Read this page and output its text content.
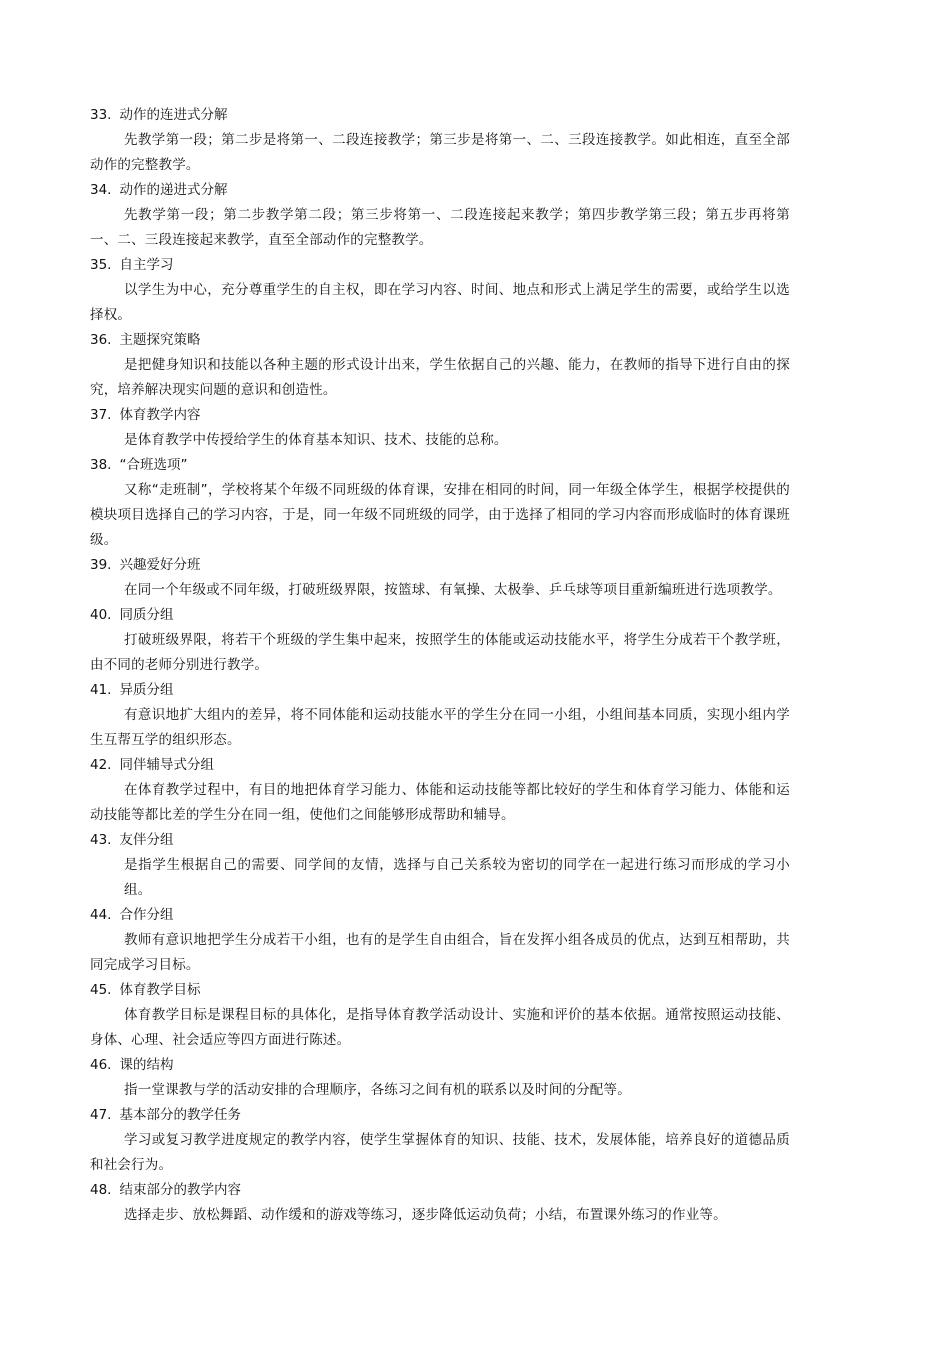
33. 动作的连进式分解
先教学第一段；第二步是将第一、二段连接教学；第三步是将第一、二、三段连接教学。如此相连，直至全部动作的完整教学。
34. 动作的递进式分解
先教学第一段；第二步教学第二段；第三步将第一、二段连接起来教学；第四步教学第三段；第五步再将第一、二、三段连接起来教学，直至全部动作的完整教学。
35. 自主学习
以学生为中心，充分尊重学生的自主权，即在学习内容、时间、地点和形式上满足学生的需要，或给学生以选择权。
36. 主题探究策略
是把健身知识和技能以各种主题的形式设计出来，学生依据自己的兴趣、能力，在教师的指导下进行自由的探究，培养解决现实问题的意识和创造性。
37. 体育教学内容
是体育教学中传授给学生的体育基本知识、技术、技能的总称。
38. “合班选项”
又称“走班制”，学校将某个年级不同班级的体育课，安排在相同的时间，同一年级全体学生，根据学校提供的模块项目选择自己的学习内容，于是，同一年级不同班级的同学，由于选择了相同的学习内容而形成临时的体育课班级。
39. 兴趣爱好分班
在同一个年级或不同年级，打破班级界限，按篮球、有氧操、太极拳、乒乓球等项目重新编班进行选项教学。
40. 同质分组
打破班级界限，将若干个班级的学生集中起来，按照学生的体能或运动技能水平，将学生分成若干个教学班，由不同的老师分别进行教学。
41. 异质分组
有意识地扩大组内的差异，将不同体能和运动技能水平的学生分在同一小组，小组间基本同质，实现小组内学生互帮互学的组织形态。
42. 同伴辅导式分组
在体育教学过程中，有目的地把体育学习能力、体能和运动技能等都比较好的学生和体育学习能力、体能和运动技能等都比差的学生分在同一组，使他们之间能够形成帮助和辅导。
43. 友伴分组
是指学生根据自己的需要、同学间的友情，选择与自己关系较为密切的同学在一起进行练习而形成的学习小组。
44. 合作分组
教师有意识地把学生分成若干小组，也有的是学生自由组合，旨在发挥小组各成员的优点，达到互相帮助，共同完成学习目标。
45. 体育教学目标
体育教学目标是课程目标的具体化，是指导体育教学活动设计、实施和评价的基本依据。通常按照运动技能、身体、心理、社会适应等四方面进行陈述。
46. 课的结构
指一堂课教与学的活动安排的合理顺序，各练习之间有机的联系以及时间的分配等。
47. 基本部分的教学任务
学习或复习教学进度规定的教学内容，使学生掌握体育的知识、技能、技术，发展体能，培养良好的道德品质和社会行为。
48. 结束部分的教学内容
选择走步、放松舞蹈、动作缓和的游戏等练习，逐步降低运动负荷；小结，布置课外练习的作业等。
